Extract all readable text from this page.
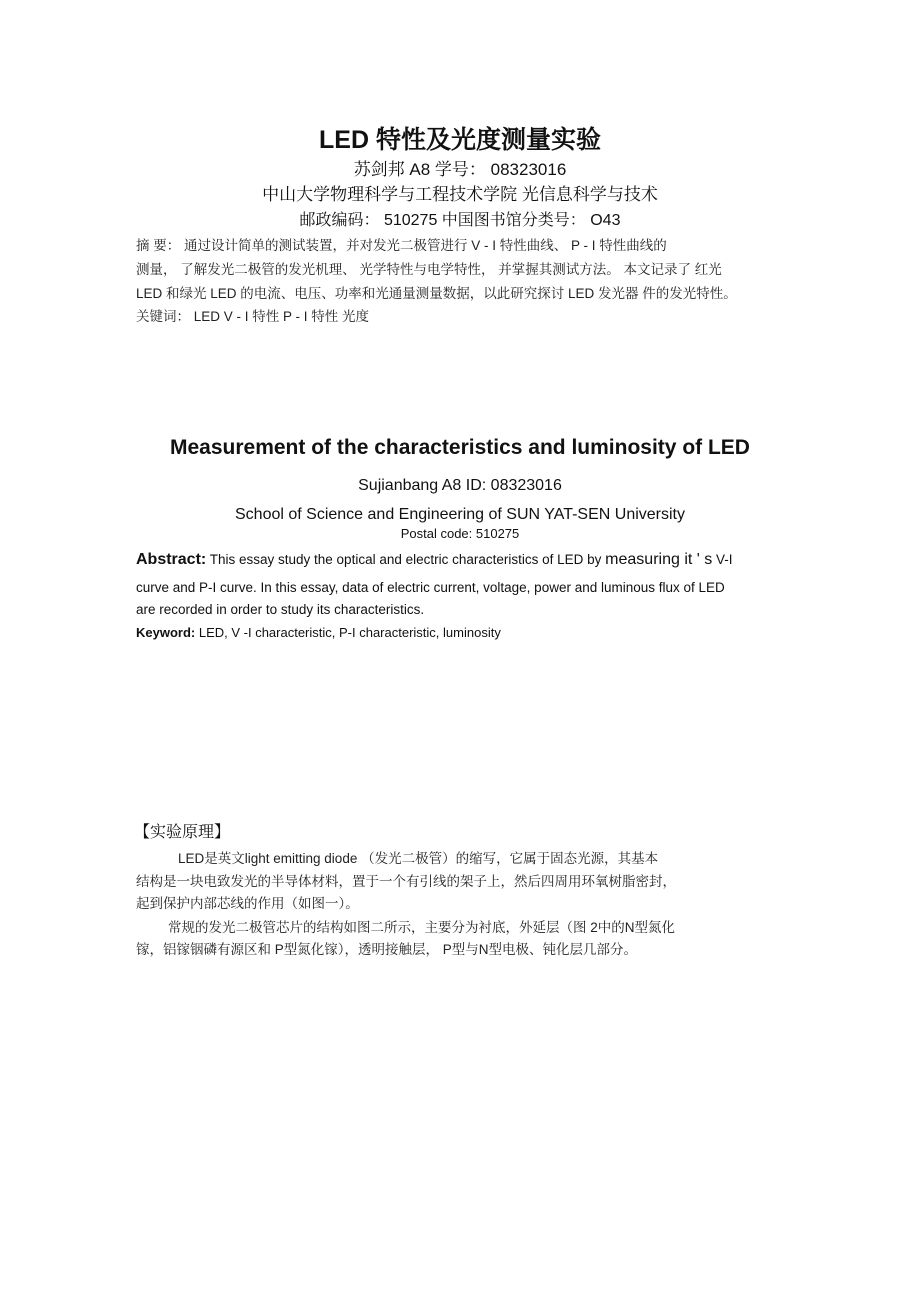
LED 特性及光度测量实验
苏剑邦 A8 学号： 08323016
中山大学物理科学与工程技术学院 光信息科学与技术
邮政编码： 510275 中国图书馆分类号： O43
摘 要： 通过设计简单的测试装置，并对发光二极管进行 V - I 特性曲线、 P - I 特性曲线的
测量， 了解发光二极管的发光机理、 光学特性与电学特性， 并掌握其测试方法。 本文记录了 红光
LED 和绿光 LED 的电流、电压、功率和光通量测量数据，以此研究探讨 LED 发光器 件的发光特性。
关键词： LED V - I 特性 P - I 特性 光度
Measurement of the characteristics and luminosity of LED
Sujianbang A8 ID: 08323016
School of Science and Engineering of SUN YAT-SEN University
Postal code: 510275
Abstract: This essay study the optical and electric characteristics of LED by measuring it ' s V-I
curve and P-I curve. In this essay, data of electric current, voltage, power and luminous flux of LED
are recorded in order to study its characteristics.
Keyword: LED, V -I characteristic, P-I characteristic, luminosity
【实验原理】
LED是英文light emitting diode （发光二极管）的缩写，它属于固态光源，其基本
结构是一块电致发光的半导体材料，置于一个有引线的架子上，然后四周用环氧树脂密封，
起到保护内部芯线的作用（如图一）。
常规的发光二极管芯片的结构如图二所示，主要分为衬底，外延层（图 2中的N型氮化
镓，铝镓铟磷有源区和 P型氮化镓），透明接触层， P型与N型电极、钝化层几部分。
